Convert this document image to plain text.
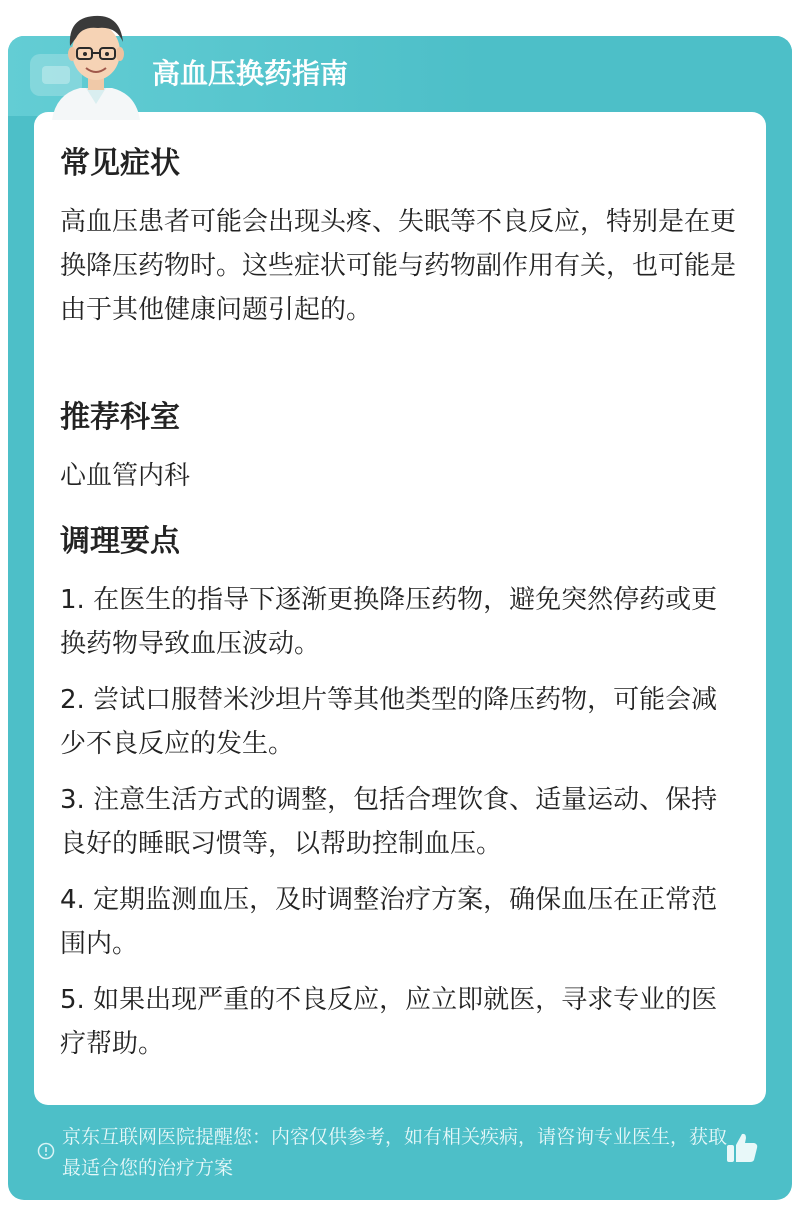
高血压换药指南
常见症状
高血压患者可能会出现头疼、失眠等不良反应，特别是在更换降压药物时。这些症状可能与药物副作用有关，也可能是由于其他健康问题引起的。
推荐科室
心血管内科
调理要点
1. 在医生的指导下逐渐更换降压药物，避免突然停药或更换药物导致血压波动。
2. 尝试口服替米沙坦片等其他类型的降压药物，可能会减少不良反应的发生。
3. 注意生活方式的调整，包括合理饮食、适量运动、保持良好的睡眠习惯等，以帮助控制血压。
4. 定期监测血压，及时调整治疗方案，确保血压在正常范围内。
5. 如果出现严重的不良反应，应立即就医，寻求专业的医疗帮助。
京东互联网医院提醒您：内容仅供参考，如有相关疾病，请咨询专业医生，获取最适合您的治疗方案
